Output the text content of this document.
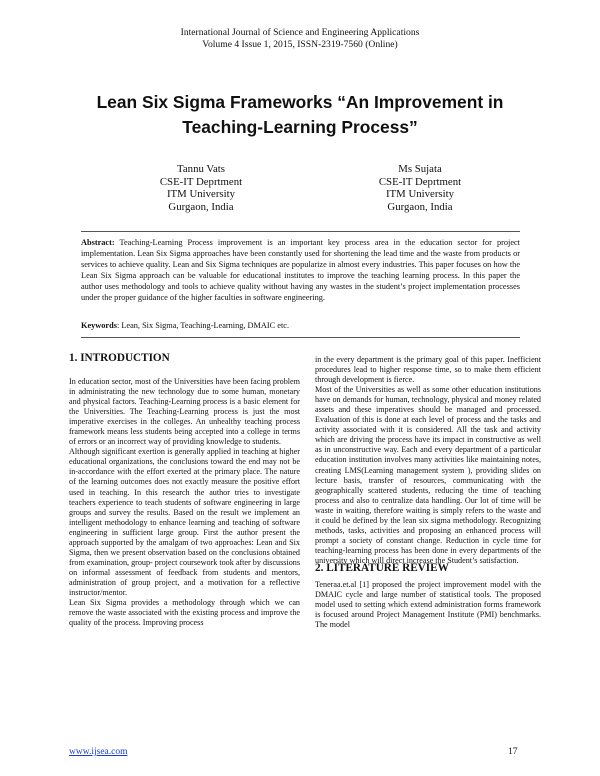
International Journal of Science and Engineering Applications
Volume 4 Issue 1, 2015, ISSN-2319-7560 (Online)
Lean Six Sigma Frameworks “An Improvement in
Teaching-Learning Process”
Tannu Vats
CSE-IT Deprtment
ITM University
Gurgaon, India
Ms Sujata
CSE-IT Deprtment
ITM University
Gurgaon, India
Abstract: Teaching-Learning Process improvement is an important key process area in the education sector for project implementation. Lean Six Sigma approaches have been constantly used for shortening the lead time and the waste from products or services to achieve quality. Lean and Six Sigma techniques are popularize in almost every industries. This paper focuses on how the Lean Six Sigma approach can be valuable for educational institutes to improve the teaching learning process. In this paper the author uses methodology and tools to achieve quality without having any wastes in the student’s project implementation processes under the proper guidance of the higher faculties in software engineering.
Keywords: Lean, Six Sigma, Teaching-Learning, DMAIC etc.
1. INTRODUCTION

In education sector, most of the Universities have been facing problem in administrating the new technology due to some human, monetary and physical factors. Teaching-Learning process is a basic element for the Universities. The Teaching-Learning process is just the most imperative exercises in the colleges. An unhealthy teaching process framework means less students being accepted into a college in terms of errors or an incorrect way of providing knowledge to students.

Although significant exertion is generally applied in teaching at higher educational organizations, the conclusions toward the end may not be in-accordance with the effort exerted at the primary place. The nature of the learning outcomes does not exactly measure the positive effort used in teaching. In this research the author tries to investigate teachers experience to teach students of software engineering in large groups and survey the results. Based on the result we implement an intelligent methodology to enhance learning and teaching of software engineering in sufficient large group. First the author present the approach supported by the amalgam of two approaches: Lean and Six Sigma, then we present observation based on the conclusions obtained from examination, group- project coursework took after by discussions on informal assessment of feedback from students and mentors, administration of group project, and a motivation for a reflective instructor/mentor.

Lean Six Sigma provides a methodology through which we can remove the waste associated with the existing process and improve the quality of the process. Improving process

in the every department is the primary goal of this paper. Inefficient procedures lead to higher response time, so to make them efficient through development is fierce.

Most of the Universities as well as some other education institutions have on demands for human, technology, physical and money related assets and these imperatives should be managed and processed. Evaluation of this is done at each level of process and the tasks and activity associated with it is considered. All the task and activity which are driving the process have its impact in constructive as well as in unconstructive way. Each and every department of a particular education institution involves many activities like maintaining notes, creating LMS(Learning management system ), providing slides on lecture basis, transfer of resources, communicating with the geographically scattered students, reducing the time of teaching process and also to centralize data handling. Our lot of time will be waste in waiting, therefore waiting is simply refers to the waste and it could be defined by the lean six sigma methodology. Recognizing methods, tasks, activities and proposing an enhanced process will prompt a society of constant change. Reduction in cycle time for teaching-learning process has been done in every departments of the university which will direct increase the Student’s satisfaction.

2. LITERATURE REVIEW

Teneraa.et.al [1] proposed the project improvement model with the DMAIC cycle and large number of statistical tools. The proposed model used to setting which extend administration forms framework is focused around Project Management Institute (PMI) benchmarks. The model

www.ijsea.com	17
